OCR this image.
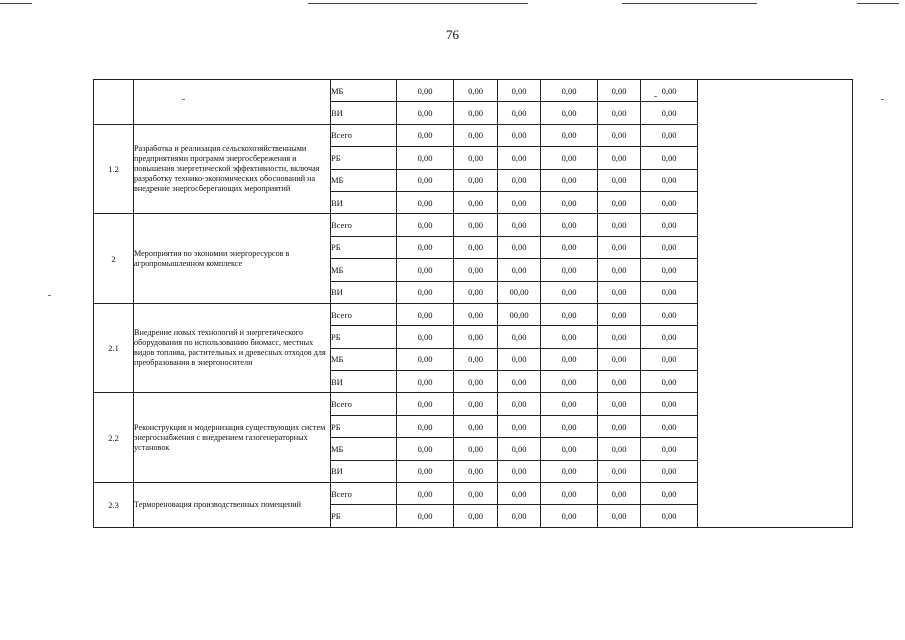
76
		МБ	0,00	0,00	0,00	0,00	0,00	0,00	
		ВИ	0,00	0,00	0,00	0,00	0,00	0,00	
1.2	Разработка и реализация сельскохозяйственными предприятиями программ энергосбережения и повышения энергетической эффективности, включая разработку технико-экономических обоснований на внедрение энергосберегающих мероприятий	Всего	0,00	0,00	0,00	0,00	0,00	0,00	
		РБ	0,00	0,00	0,00	0,00	0,00	0,00	
		МБ	0,00	0,00	0,00	0,00	0,00	0,00	
		ВИ	0,00	0,00	0,00	0,00	0,00	0,00	
2	Мероприятия по экономии энергоресурсов в агропромышленном комплексе	Всего	0,00	0,00	0,00	0,00	0,00	0,00	
		РБ	0,00	0,00	0,00	0,00	0,00	0,00	
		МБ	0,00	0,00	0,00	0,00	0,00	0,00	
		ВИ	0,00	0,00	00,00	0,00	0,00	0,00	
2.1	Внедрение новых технологий и энергетического оборудования по использованию биомасс, местных видов топлива, растительных и древесных отходов для преобразования в энергоносители	Всего	0,00	0,00	00,00	0,00	0,00	0,00	
		РБ	0,00	0,00	0,00	0,00	0,00	0,00	
		МБ	0,00	0,00	0,00	0,00	0,00	0,00	
		ВИ	0,00	0,00	0,00	0,00	0,00	0,00	
2.2	Реконструкция и модернизация существующих систем энергоснабжения с внедрением газогенераторных установок	Всего	0,00	0,00	0,00	0,00	0,00	0,00	
		РБ	0,00	0,00	0,00	0,00	0,00	0,00	
		МБ	0,00	0,00	0,00	0,00	0,00	0,00	
		ВИ	0,00	0,00	0,00	0,00	0,00	0,00	
2.3	Термореновация производственных помещений	Всего	0,00	0,00	0,00	0,00	0,00	0,00	
		РБ	0,00	0,00	0,00	0,00	0,00	0,00	
